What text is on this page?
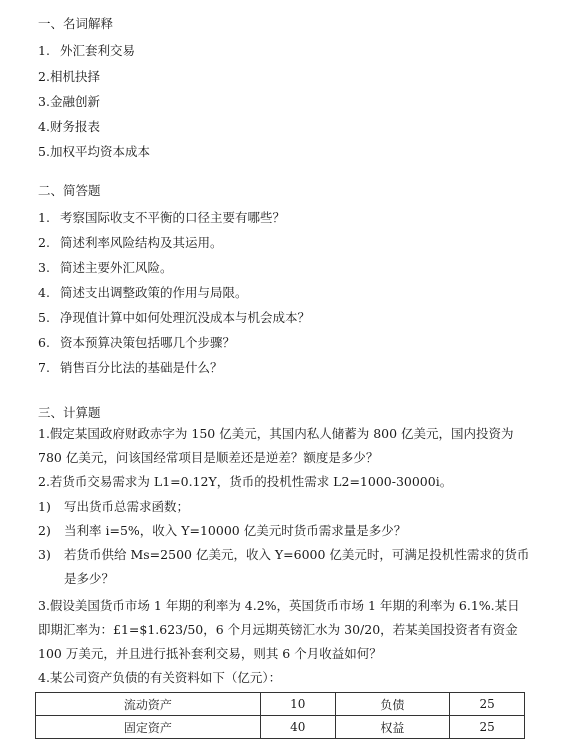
一、名词解释
1. 外汇套利交易
2.相机抉择
3.金融创新
4.财务报表
5.加权平均资本成本
二、简答题
1. 考察国际收支不平衡的口径主要有哪些？
2. 简述利率风险结构及其运用。
3. 简述主要外汇风险。
4. 简述支出调整政策的作用与局限。
5. 净现值计算中如何处理沉没成本与机会成本？
6. 资本预算决策包括哪几个步骤？
7. 销售百分比法的基础是什么？
三、计算题
1.假定某国政府财政赤字为 150 亿美元，其国内私人储蓄为 800 亿美元，国内投资为 780 亿美元，问该国经常项目是顺差还是逆差？额度是多少？
2.若货币交易需求为 L1=0.12Y，货币的投机性需求 L2=1000-30000i。
1) 写出货币总需求函数；
2) 当利率 i=5%，收入 Y=10000 亿美元时货币需求量是多少？
3) 若货币供给 Ms=2500 亿美元，收入 Y=6000 亿美元时，可满足投机性需求的货币是多少？
3.假设美国货币市场 1 年期的利率为 4.2%，英国货币市场 1 年期的利率为 6.1%.某日即期汇率为：£1=$1.623/50，6 个月远期英镑汇水为 30/20，若某美国投资者有资金 100 万美元，并且进行抵补套利交易，则其 6 个月收益如何？
4.某公司资产负债的有关资料如下（亿元）：
流动资产	10	负债	25
固定资产	40	权益	25
